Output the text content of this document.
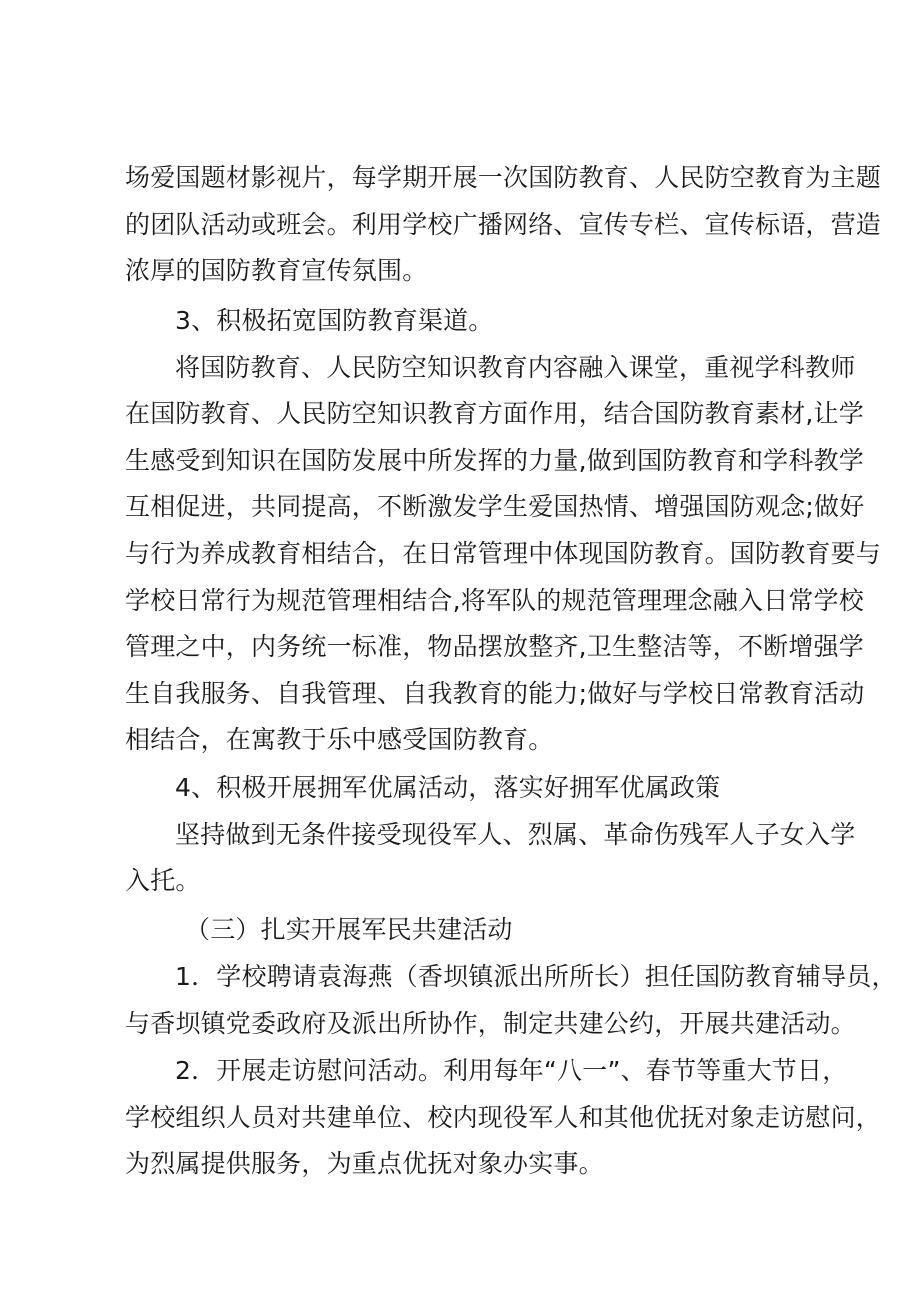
场爱国题材影视片，每学期开展一次国防教育、人民防空教育为主题
的团队活动或班会。利用学校广播网络、宣传专栏、宣传标语，营造
浓厚的国防教育宣传氛围。
3、积极拓宽国防教育渠道。
将国防教育、人民防空知识教育内容融入课堂，重视学科教师
在国防教育、人民防空知识教育方面作用，结合国防教育素材,让学
生感受到知识在国防发展中所发挥的力量,做到国防教育和学科教学
互相促进，共同提高，不断激发学生爱国热情、增强国防观念;做好
与行为养成教育相结合，在日常管理中体现国防教育。国防教育要与
学校日常行为规范管理相结合,将军队的规范管理理念融入日常学校
管理之中，内务统一标准，物品摆放整齐,卫生整洁等，不断增强学
生自我服务、自我管理、自我教育的能力;做好与学校日常教育活动
相结合，在寓教于乐中感受国防教育。
4、积极开展拥军优属活动，落实好拥军优属政策
坚持做到无条件接受现役军人、烈属、革命伤残军人子女入学
入托。
（三）扎实开展军民共建活动
1．学校聘请袁海燕（香坝镇派出所所长）担任国防教育辅导员，
与香坝镇党委政府及派出所协作，制定共建公约，开展共建活动。
2．开展走访慰问活动。利用每年“八一”、春节等重大节日，
学校组织人员对共建单位、校内现役军人和其他优抚对象走访慰问，
为烈属提供服务，为重点优抚对象办实事。
